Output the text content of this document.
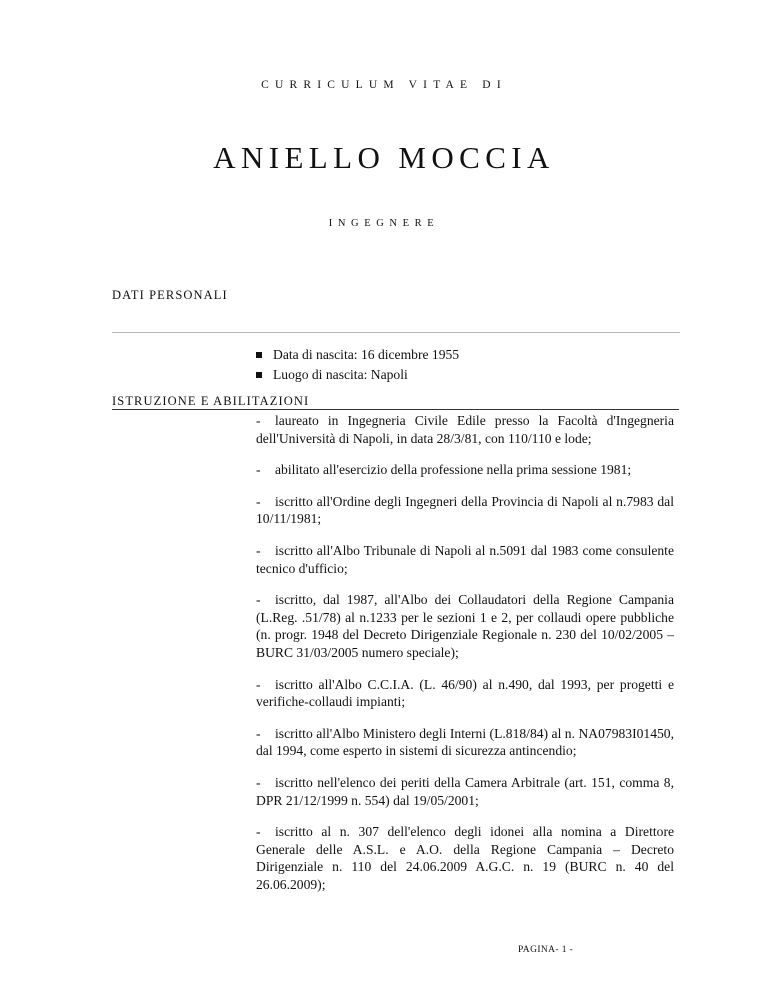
CURRICULUM VITAE DI
ANIELLO MOCCIA
INGEGNERE
DATI PERSONALI
Data di nascita: 16 dicembre 1955
Luogo di nascita: Napoli
ISTRUZIONE E ABILITAZIONI

- laureato in Ingegneria Civile Edile presso la Facoltà d'Ingegneria dell'Università di Napoli, in data 28/3/81, con 110/110 e lode;

- abilitato all'esercizio della professione nella prima sessione 1981;

- iscritto all'Ordine degli Ingegneri della Provincia di Napoli al n.7983 dal 10/11/1981;

- iscritto all'Albo Tribunale di Napoli al n.5091 dal 1983 come consulente tecnico d'ufficio;

- iscritto, dal 1987, all'Albo dei Collaudatori della Regione Campania (L.Reg. .51/78) al n.1233 per le sezioni 1 e 2, per collaudi opere pubbliche (n. progr. 1948 del Decreto Dirigenziale Regionale n. 230 del 10/02/2005 – BURC 31/03/2005 numero speciale);

- iscritto all'Albo C.C.I.A. (L. 46/90) al n.490, dal 1993, per progetti e verifiche-collaudi impianti;

- iscritto all'Albo Ministero degli Interni (L.818/84) al n. NA07983I01450, dal 1994, come esperto in sistemi di sicurezza antincendio;

- iscritto nell'elenco dei periti della Camera Arbitrale (art. 151, comma 8, DPR 21/12/1999 n. 554) dal 19/05/2001;

- iscritto al n. 307 dell'elenco degli idonei alla nomina a Direttore Generale delle A.S.L. e A.O. della Regione Campania – Decreto Dirigenziale n. 110 del 24.06.2009 A.G.C. n. 19 (BURC n. 40 del 26.06.2009);

PAGINA- 1 -
